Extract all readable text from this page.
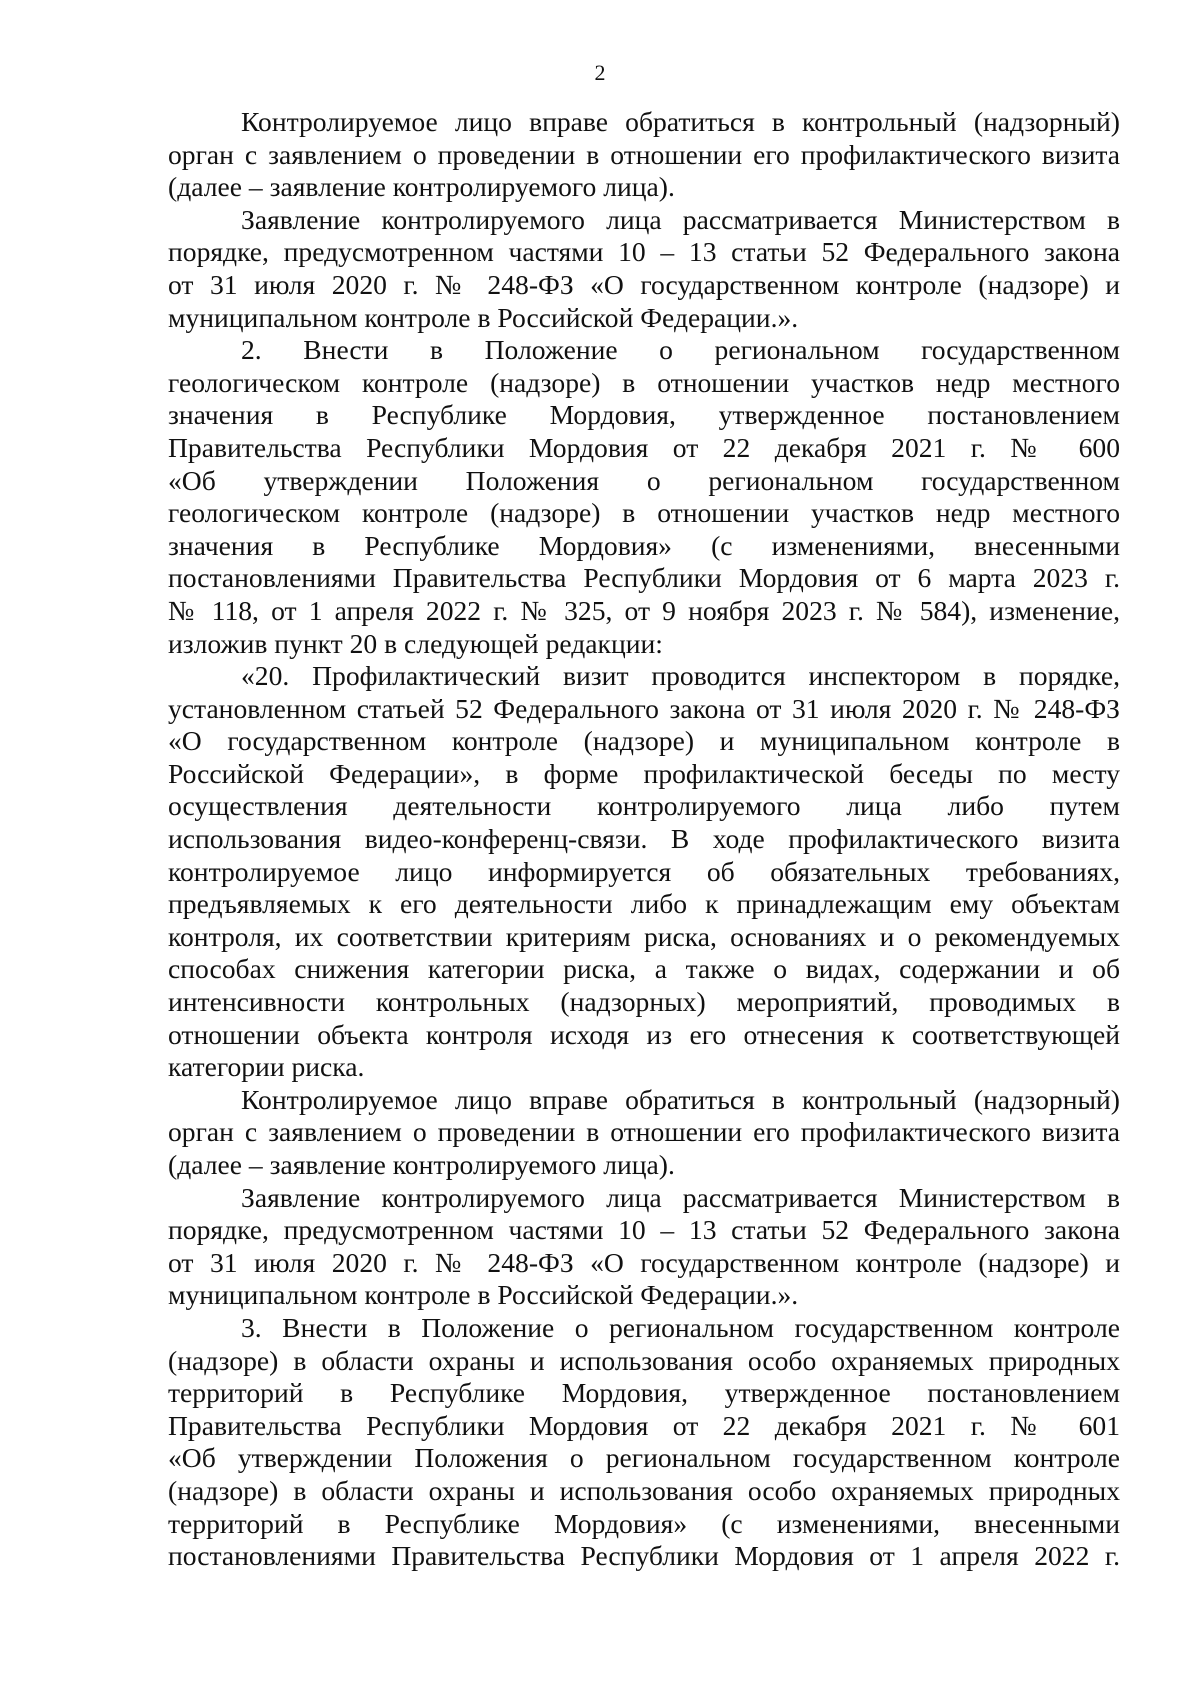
2
Контролируемое лицо вправе обратиться в контрольный (надзорный)
орган с заявлением о проведении в отношении его профилактического визита
(далее – заявление контролируемого лица).
Заявление контролируемого лица рассматривается Министерством в
порядке, предусмотренном частями 10 – 13 статьи 52 Федерального закона
от 31 июля 2020 г. № 248-ФЗ «О государственном контроле (надзоре) и
муниципальном контроле в Российской Федерации.».
2. Внести в Положение о региональном государственном
геологическом контроле (надзоре) в отношении участков недр местного
значения в Республике Мордовия, утвержденное постановлением
Правительства Республики Мордовия от 22 декабря 2021 г. № 600
«Об утверждении Положения о региональном государственном
геологическом контроле (надзоре) в отношении участков недр местного
значения в Республике Мордовия» (с изменениями, внесенными
постановлениями Правительства Республики Мордовия от 6 марта 2023 г.
№ 118, от 1 апреля 2022 г. № 325, от 9 ноября 2023 г. № 584), изменение,
изложив пункт 20 в следующей редакции:
«20. Профилактический визит проводится инспектором в порядке,
установленном статьей 52 Федерального закона от 31 июля 2020 г. № 248-ФЗ
«О государственном контроле (надзоре) и муниципальном контроле в
Российской Федерации», в форме профилактической беседы по месту
осуществления деятельности контролируемого лица либо путем
использования видео-конференц-связи. В ходе профилактического визита
контролируемое лицо информируется об обязательных требованиях,
предъявляемых к его деятельности либо к принадлежащим ему объектам
контроля, их соответствии критериям риска, основаниях и о рекомендуемых
способах снижения категории риска, а также о видах, содержании и об
интенсивности контрольных (надзорных) мероприятий, проводимых в
отношении объекта контроля исходя из его отнесения к соответствующей
категории риска.
Контролируемое лицо вправе обратиться в контрольный (надзорный)
орган с заявлением о проведении в отношении его профилактического визита
(далее – заявление контролируемого лица).
Заявление контролируемого лица рассматривается Министерством в
порядке, предусмотренном частями 10 – 13 статьи 52 Федерального закона
от 31 июля 2020 г. № 248-ФЗ «О государственном контроле (надзоре) и
муниципальном контроле в Российской Федерации.».
3. Внести в Положение о региональном государственном контроле
(надзоре) в области охраны и использования особо охраняемых природных
территорий в Республике Мордовия, утвержденное постановлением
Правительства Республики Мордовия от 22 декабря 2021 г. № 601
«Об утверждении Положения о региональном государственном контроле
(надзоре) в области охраны и использования особо охраняемых природных
территорий в Республике Мордовия» (с изменениями, внесенными
постановлениями Правительства Республики Мордовия от 1 апреля 2022 г.
